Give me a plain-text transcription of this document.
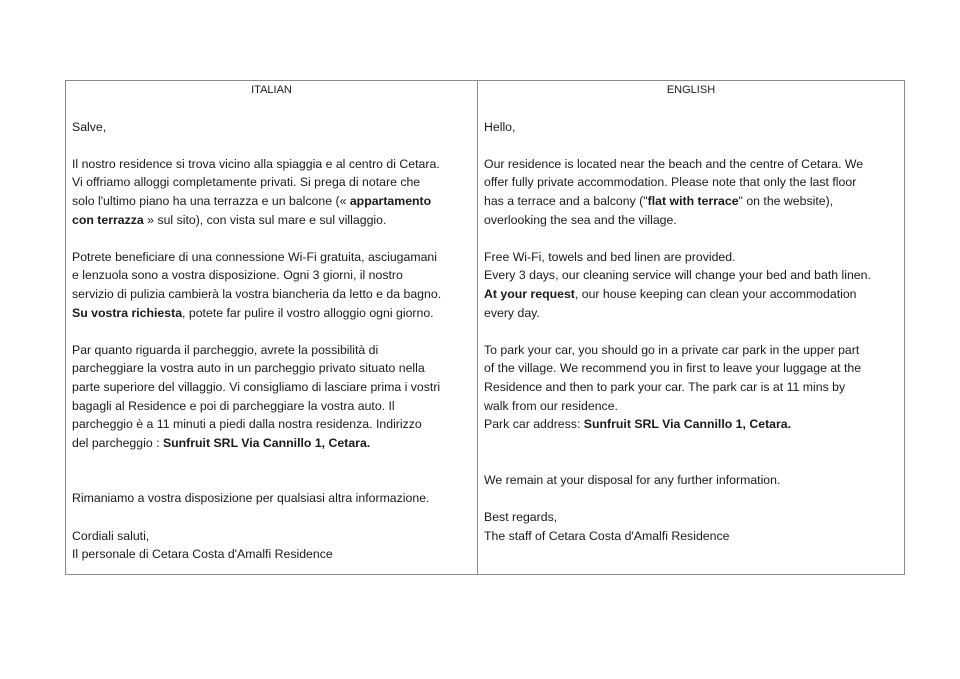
ITALIAN
Salve,
Il nostro residence si trova vicino alla spiaggia e al centro di Cetara.
Vi offriamo alloggi completamente privati. Si prega di notare che
solo l'ultimo piano ha una terrazza e un balcone (« appartamento
con terrazza » sul sito), con vista sul mare e sul villaggio.
Potrete beneficiare di una connessione Wi-Fi gratuita, asciugamani
e lenzuola sono a vostra disposizione. Ogni 3 giorni, il nostro
servizio di pulizia cambierà la vostra biancheria da letto e da bagno.
Su vostra richiesta, potete far pulire il vostro alloggio ogni giorno.
Par quanto riguarda il parcheggio, avrete la possibilità di
parcheggiare la vostra auto in un parcheggio privato situato nella
parte superiore del villaggio. Vi consigliamo di lasciare prima i vostri
bagagli al Residence e poi di parcheggiare la vostra auto. Il
parcheggio è a 11 minuti a piedi dalla nostra residenza. Indirizzo
del parcheggio : Sunfruit SRL Via Cannillo 1, Cetara.
Rimaniamo a vostra disposizione per qualsiasi altra informazione.
Cordiali saluti,
Il personale di Cetara Costa d'Amalfi Residence
ENGLISH
Hello,
Our residence is located near the beach and the centre of Cetara. We
offer fully private accommodation. Please note that only the last floor
has a terrace and a balcony ("flat with terrace" on the website),
overlooking the sea and the village.
Free Wi-Fi, towels and bed linen are provided.
Every 3 days, our cleaning service will change your bed and bath linen.
At your request, our house keeping can clean your accommodation
every day.
To park your car, you should go in a private car park in the upper part
of the village. We recommend you in first to leave your luggage at the
Residence and then to park your car. The park car is at 11 mins by
walk from our residence.
Park car address: Sunfruit SRL Via Cannillo 1, Cetara.
We remain at your disposal for any further information.
Best regards,
The staff of Cetara Costa d'Amalfi Residence
